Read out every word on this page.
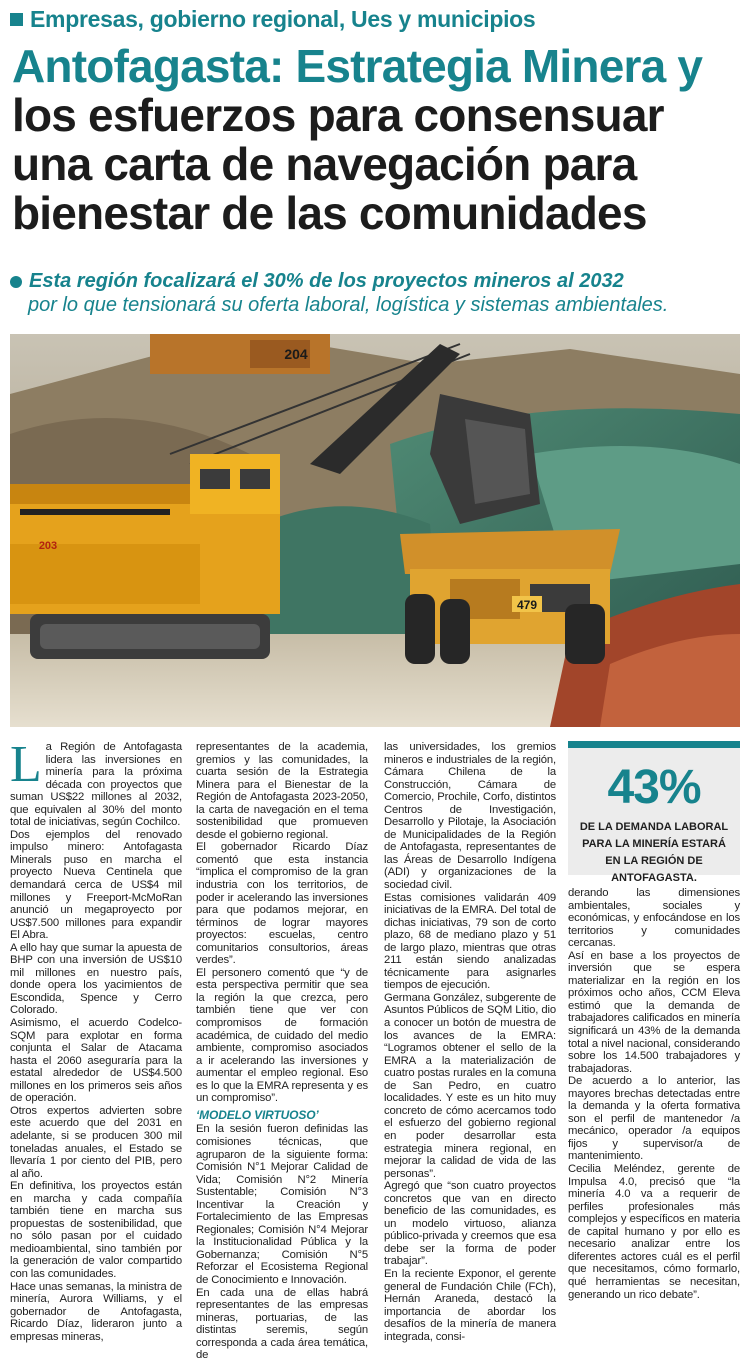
Empresas, gobierno regional, Ues y municipios
Antofagasta: Estrategia Minera y
los esfuerzos para consensuar una carta de navegación para bienestar de las comunidades
Esta región focalizará el 30% de los proyectos mineros al 2032
por lo que tensionará su oferta laboral, logística y sistemas ambientales.
204
203
479
L a Región de Antofagasta lidera las inversiones en minería para la próxima década con proyectos que suman US$22 millones al 2032, que equivalen al 30% del monto total de iniciativas, según Cochilco.

Dos ejemplos del renovado impulso minero: Antofagasta Minerals puso en marcha el proyecto Nueva Centinela que demandará cerca de US$4 mil millones y Freeport-McMoRan anunció un megaproyecto por US$7.500 millones para expandir El Abra.

A ello hay que sumar la apuesta de BHP con una inversión de US$10 mil millones en nuestro país, donde opera los yacimientos de Escondida, Spence y Cerro Colorado.

Asimismo, el acuerdo Codelco-SQM para explotar en forma conjunta el Salar de Atacama hasta el 2060 aseguraría para la estatal alrededor de US$4.500 millones en los primeros seis años de operación.

Otros expertos advierten sobre este acuerdo que del 2031 en adelante, si se producen 300 mil toneladas anuales, el Estado se llevaría 1 por ciento del PIB, pero al año.

En definitiva, los proyectos están en marcha y cada compañía también tiene en marcha sus propuestas de sostenibilidad, que no sólo pasan por el cuidado medioambiental, sino también por la generación de valor compartido con las comunidades.

Hace unas semanas, la ministra de minería, Aurora Williams, y el gobernador de Antofagasta, Ricardo Díaz, lideraron junto a empresas mineras,

representantes de la academia, gremios y las comunidades, la cuarta sesión de la Estrategia Minera para el Bienestar de la Región de Antofagasta 2023-2050, la carta de navegación en el tema sostenibilidad que promueven desde el gobierno regional.

El gobernador Ricardo Díaz comentó que esta instancia “implica el compromiso de la gran industria con los territorios, de poder ir acelerando las inversiones para que podamos mejorar, en términos de lograr mayores proyectos: escuelas, centro comunitarios consultorios, áreas verdes”.

El personero comentó que “y de esta perspectiva permitir que sea la región la que crezca, pero también tiene que ver con compromisos de formación académica, de cuidado del medio ambiente, compromiso asociados a ir acelerando las inversiones y aumentar el empleo regional. Eso es lo que la EMRA representa y es un compromiso”.

‘MODELO VIRTUOSO’

En la sesión fueron definidas las comisiones técnicas, que agruparon de la siguiente forma: Comisión N°1 Mejorar Calidad de Vida; Comisión N°2 Minería Sustentable; Comisión N°3 Incentivar la Creación y Fortalecimiento de las Empresas Regionales; Comisión N°4 Mejorar la Institucionalidad Pública y la Gobernanza; Comisión N°5 Reforzar el Ecosistema Regional de Conocimiento e Innovación.

En cada una de ellas habrá representantes de las empresas mineras, portuarias, de las distintas seremis, según corresponda a cada área temática, de

las universidades, los gremios mineros e industriales de la región, Cámara Chilena de la Construcción, Cámara de Comercio, Prochile, Corfo, distintos Centros de Investigación, Desarrollo y Pilotaje, la Asociación de Municipalidades de la Región de Antofagasta, representantes de las Áreas de Desarrollo Indígena (ADI) y organizaciones de la sociedad civil.

Estas comisiones validarán 409 iniciativas de la EMRA. Del total de dichas iniciativas, 79 son de corto plazo, 68 de mediano plazo y 51 de largo plazo, mientras que otras 211 están siendo analizadas técnicamente para asignarles tiempos de ejecución.

Germana González, subgerente de Asuntos Públicos de SQM Litio, dio a conocer un botón de muestra de los avances de la EMRA: “Logramos obtener el sello de la EMRA a la materialización de cuatro postas rurales en la comuna de San Pedro, en cuatro localidades. Y este es un hito muy concreto de cómo acercamos todo el esfuerzo del gobierno regional en poder desarrollar esta estrategia minera regional, en mejorar la calidad de vida de las personas”.

Agregó que “son cuatro proyectos concretos que van en directo beneficio de las comunidades, es un modelo virtuoso, alianza público-privada y creemos que esa debe ser la forma de poder trabajar”.

En la reciente Exponor, el gerente general de Fundación Chile (FCh), Hernán Araneda, destacó la importancia de abordar los desafíos de la minería de manera integrada, consi-

43%
DE LA DEMANDA LABORAL PARA LA MINERÍA ESTARÁ EN LA REGIÓN DE ANTOFAGASTA.

derando las dimensiones ambientales, sociales y económicas, y enfocándose en los territorios y comunidades cercanas.

Así en base a los proyectos de inversión que se espera materializar en la región en los próximos ocho años, CCM Eleva estimó que la demanda de trabajadores calificados en minería significará un 43% de la demanda total a nivel nacional, considerando sobre los 14.500 trabajadores y trabajadoras.

De acuerdo a lo anterior, las mayores brechas detectadas entre la demanda y la oferta formativa son el perfil de mantenedor /a mecánico, operador /a equipos fijos y supervisor/a de mantenimiento.

Cecilia Meléndez, gerente de Impulsa 4.0, precisó que “la minería 4.0 va a requerir de perfiles profesionales más complejos y específicos en materia de capital humano y por ello es necesario analizar entre los diferentes actores cuál es el perfil que necesitamos, cómo formarlo, qué herramientas se necesitan, generando un rico debate”.
